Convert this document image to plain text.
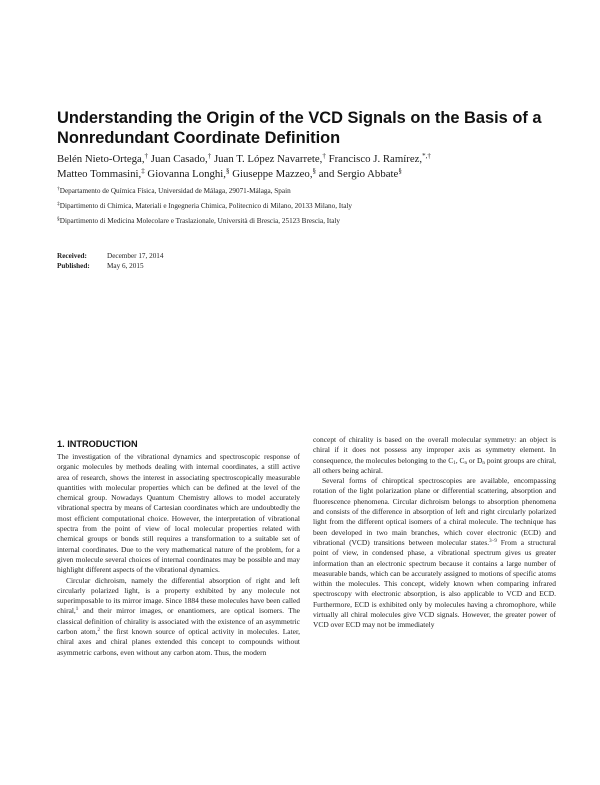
Understanding the Origin of the VCD Signals on the Basis of a
Nonredundant Coordinate Definition
Belén Nieto-Ortega,† Juan Casado,† Juan T. López Navarrete,† Francisco J. Ramírez,*,†
Matteo Tommasini,‡ Giovanna Longhi,§ Giuseppe Mazzeo,§ and Sergio Abbate§
†Departamento de Química Física, Universidad de Málaga, 29071-Málaga, Spain
‡Dipartimento di Chimica, Materiali e Ingegneria Chimica, Politecnico di Milano, 20133 Milano, Italy
§Dipartimento di Medicina Molecolare e Traslazionale, Università di Brescia, 25123 Brescia, Italy
Received:	December 17, 2014
Published: May 6, 2015
1. INTRODUCTION

The investigation of the vibrational dynamics and spectroscopic response of organic molecules by methods dealing with internal coordinates, a still active area of research, shows the interest in associating spectroscopically measurable quantities with molecular properties which can be defined at the level of the chemical group. Nowadays Quantum Chemistry allows to model accurately vibrational spectra by means of Cartesian coordinates which are undoubtedly the most efficient computational choice. However, the interpretation of vibrational spectra from the point of view of local molecular properties related with chemical groups or bonds still requires a transformation to a suitable set of internal coordinates. Due to the very mathematical nature of the problem, for a given molecule several choices of internal coordinates may be possible and may highlight different aspects of the vibrational dynamics.

Circular dichroism, namely the differential absorption of right and left circularly polarized light, is a property exhibited by any molecule not superimposable to its mirror image. Since 1884 these molecules have been called chiral,$^1$ and their mirror images, or enantiomers, are optical isomers. The classical definition of chirality is associated with the existence of an asymmetric carbon atom,$^2$ the first known source of optical activity in molecules. Later, chiral axes and chiral planes extended this concept to compounds without asymmetric carbons, even without any carbon atom. Thus, the modern

concept of chirality is based on the overall molecular symmetry: an object is chiral if it does not possess any improper axis as symmetry element. In consequence, the molecules belonging to the $C_1$, $C_n$ or $D_n$ point groups are chiral, all others being achiral.

Several forms of chiroptical spectroscopies are available, encompassing rotation of the light polarization plane or differential scattering, absorption and fluorescence phenomena. Circular dichroism belongs to absorption phenomena and consists of the difference in absorption of left and right circularly polarized light from the different optical isomers of a chiral molecule. The technique has been developed in two main branches, which cover electronic (ECD) and vibrational (VCD) transitions between molecular states.$^{3-9}$ From a structural point of view, in condensed phase, a vibrational spectrum gives us greater information than an electronic spectrum because it contains a large number of measurable bands, which can be accurately assigned to motions of specific atoms within the molecules. This concept, widely known when comparing infrared spectroscopy with electronic absorption, is also applicable to VCD and ECD. Furthermore, ECD is exhibited only by molecules having a chromophore, while virtually all chiral molecules give VCD signals. However, the greater power of VCD over ECD may not be immediately
